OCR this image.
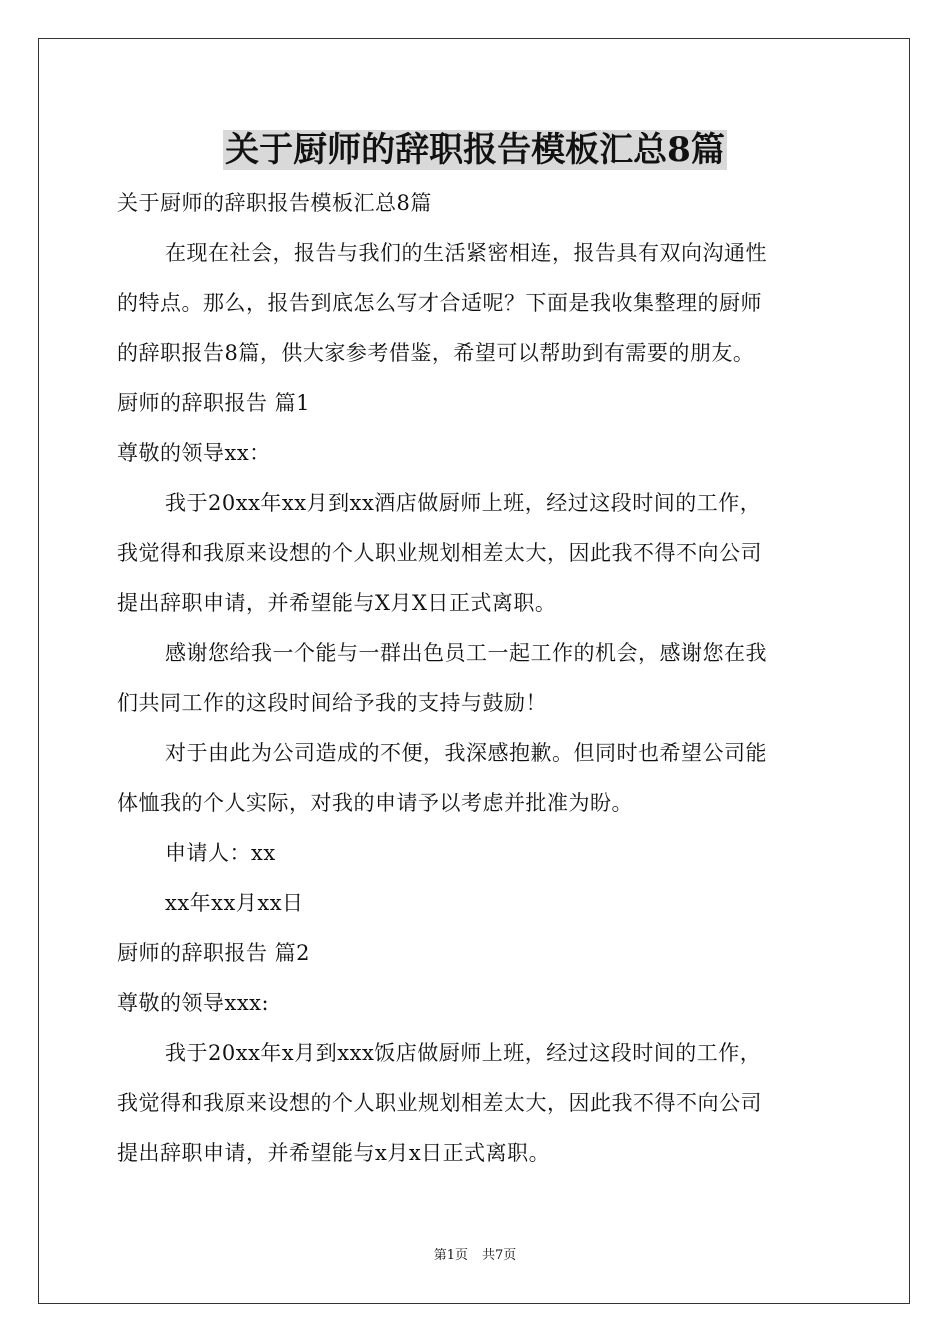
关于厨师的辞职报告模板汇总8篇

关于厨师的辞职报告模板汇总8篇

在现在社会，报告与我们的生活紧密相连，报告具有双向沟通性

的特点。那么，报告到底怎么写才合适呢？下面是我收集整理的厨师

的辞职报告8篇，供大家参考借鉴，希望可以帮助到有需要的朋友。

厨师的辞职报告 篇1

尊敬的领导xx：

我于20xx年xx月到xx酒店做厨师上班，经过这段时间的工作，

我觉得和我原来设想的个人职业规划相差太大，因此我不得不向公司

提出辞职申请，并希望能与X月X日正式离职。

感谢您给我一个能与一群出色员工一起工作的机会，感谢您在我

们共同工作的这段时间给予我的支持与鼓励！

对于由此为公司造成的不便，我深感抱歉。但同时也希望公司能

体恤我的个人实际，对我的申请予以考虑并批准为盼。

申请人：xx

xx年xx月xx日

厨师的辞职报告 篇2

尊敬的领导xxx:

我于20xx年x月到xxx饭店做厨师上班，经过这段时间的工作，

我觉得和我原来设想的个人职业规划相差太大，因此我不得不向公司

提出辞职申请，并希望能与x月x日正式离职。

第1页 共7页
